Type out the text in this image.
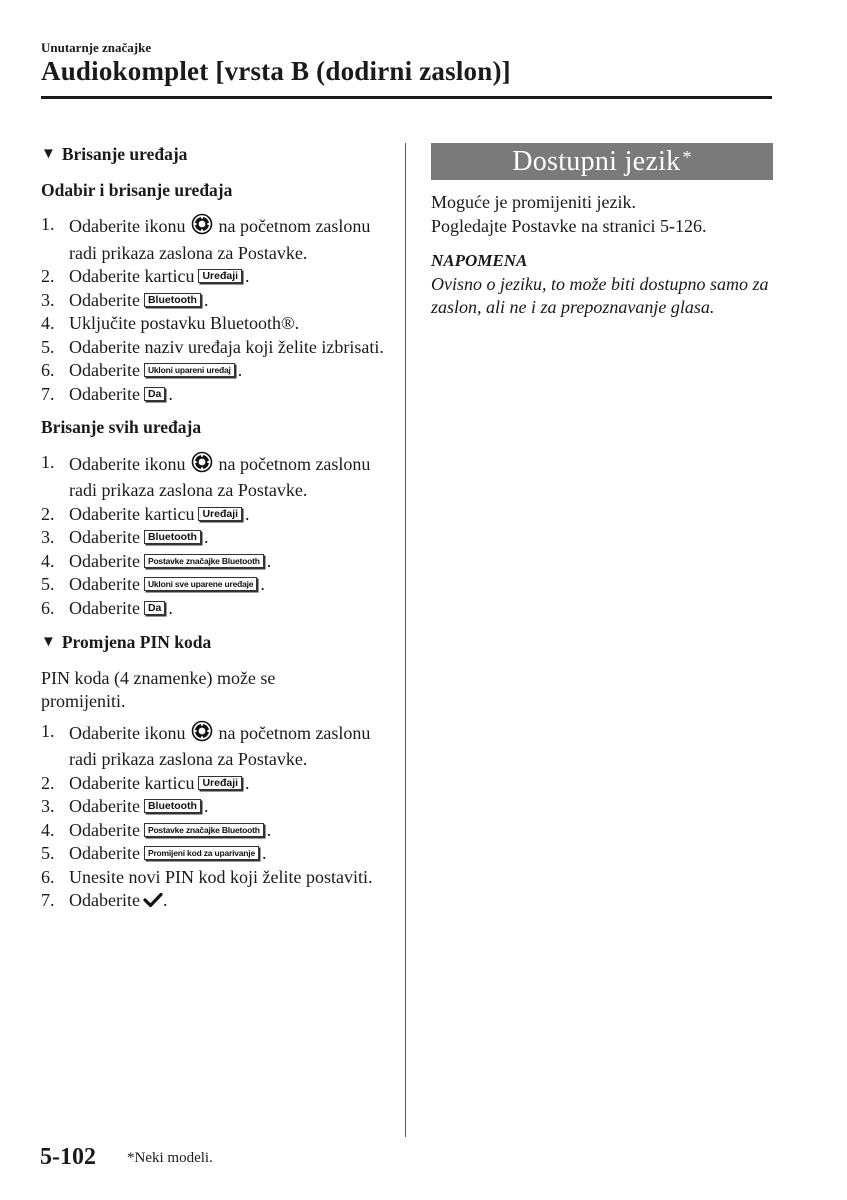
Unutarnje značajke
Audiokomplet [vrsta B (dodirni zaslon)]
▼ Brisanje uređaja
Odabir i brisanje uređaja
1. Odaberite ikonu na početnom zaslonu radi prikaza zaslona za Postavke.
2. Odaberite karticu Uređaji .
3. Odaberite Bluetooth .
4. Uključite postavku Bluetooth®.
5. Odaberite naziv uređaja koji želite izbrisati.
6. Odaberite Ukloni upareni uređaj .
7. Odaberite Da .
Brisanje svih uređaja
1. Odaberite ikonu na početnom zaslonu radi prikaza zaslona za Postavke.
2. Odaberite karticu Uređaji .
3. Odaberite Bluetooth .
4. Odaberite Postavke značajke Bluetooth .
5. Odaberite Ukloni sve uparene uređaje .
6. Odaberite Da .
▼ Promjena PIN koda
PIN koda (4 znamenke) može se promijeniti.
1. Odaberite ikonu na početnom zaslonu radi prikaza zaslona za Postavke.
2. Odaberite karticu Uređaji .
3. Odaberite Bluetooth .
4. Odaberite Postavke značajke Bluetooth .
5. Odaberite Promijeni kod za uparivanje .
6. Unesite novi PIN kod koji želite postaviti.
7. Odaberite .
Dostupni jezik*
Moguće je promijeniti jezik.
Pogledajte Postavke na stranici 5-126.
NAPOMENA
Ovisno o jeziku, to može biti dostupno samo za zaslon, ali ne i za prepoznavanje glasa.
5-102 *Neki modeli.
